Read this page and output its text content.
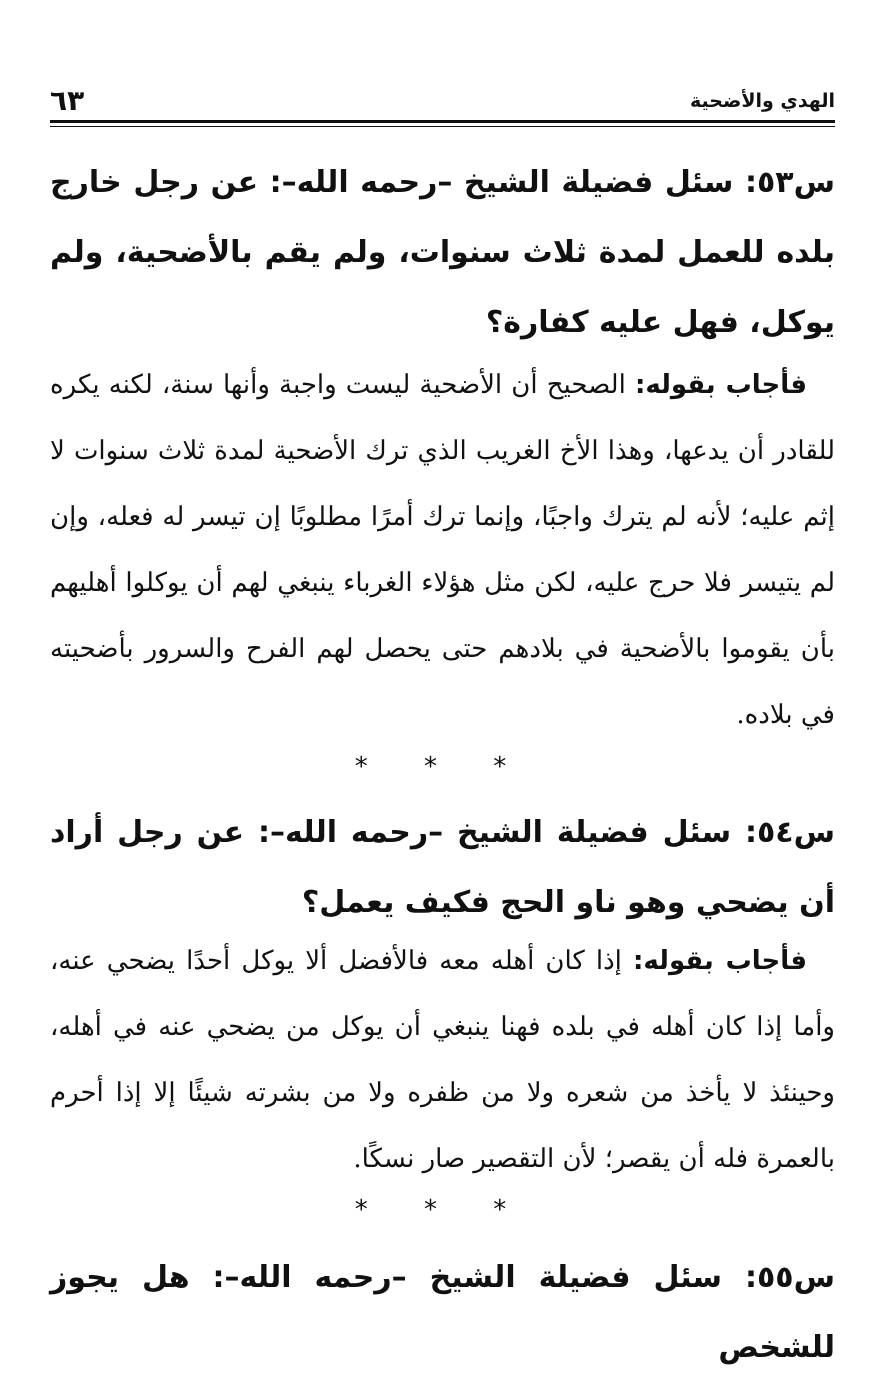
الهدي والأضحية
٦٣

س٥٣: سئل فضيلة الشيخ –رحمه الله–: عن رجل خارج بلده للعمل لمدة ثلاث سنوات، ولم يقم بالأضحية، ولم يوكل، فهل عليه كفارة؟

فأجاب بقوله: الصحيح أن الأضحية ليست واجبة وأنها سنة، لكنه يكره للقادر أن يدعها، وهذا الأخ الغريب الذي ترك الأضحية لمدة ثلاث سنوات لا إثم عليه؛ لأنه لم يترك واجبًا، وإنما ترك أمرًا مطلوبًا إن تيسر له فعله، وإن لم يتيسر فلا حرج عليه، لكن مثل هؤلاء الغرباء ينبغي لهم أن يوكلوا أهليهم بأن يقوموا بالأضحية في بلادهم حتى يحصل لهم الفرح والسرور بأضحيته في بلاده.

* * *

س٥٤: سئل فضيلة الشيخ –رحمه الله–: عن رجل أراد أن يضحي وهو ناو الحج فكيف يعمل؟

فأجاب بقوله: إذا كان أهله معه فالأفضل ألا يوكل أحدًا يضحي عنه، وأما إذا كان أهله في بلده فهنا ينبغي أن يوكل من يضحي عنه في أهله، وحينئذ لا يأخذ من شعره ولا من ظفره ولا من بشرته شيئًا إلا إذا أحرم بالعمرة فله أن يقصر؛ لأن التقصير صار نسكًا.

* * *

س٥٥: سئل فضيلة الشيخ –رحمه الله–: هل يجوز للشخص
